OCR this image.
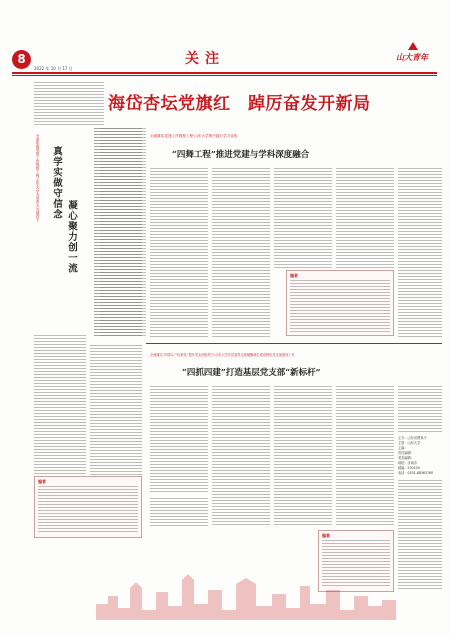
8	关注
2022 年 10 月 17 日
山大青年
海岱杏坛党旗红　踔厉奋发开新局
全面实施党建工作强校工程·山东大学为党育人为国育才 真学实做守信念
凝心聚力创一流
全面落实党建工作强校工程·山东大学集中践行学习宣传
“四舞工程”推进党建与学科深度融合
编者
全面落实“四带头”“标准化”提升党支部组织力·山东大学各党委党支部凝聚师生建设特色党支部建设工作
“四抓四建”打造基层党支部“新标杆”
编者
编者
主办：山东省教育厅
主管：山东大学
主编：
责任编辑：
美术编辑：
地址：济南市
邮编：250100
电话：0531-88363760
